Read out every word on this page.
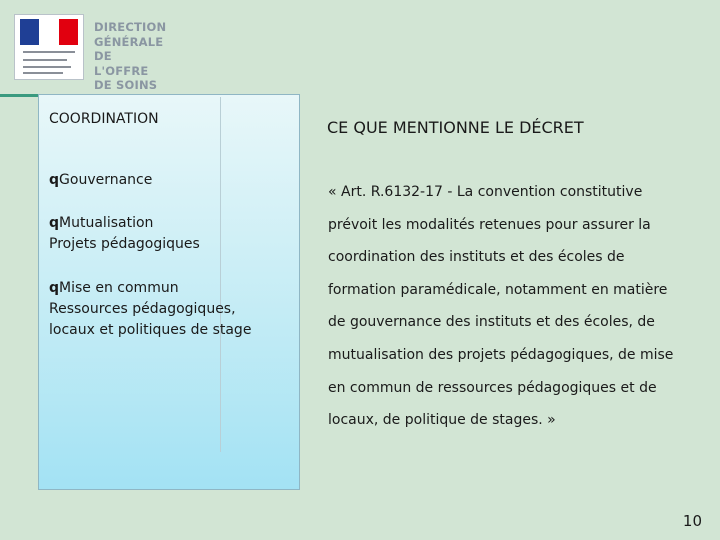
DIRECTION
GÉNÉRALE
DE L'OFFRE
DE SOINS
COORDINATION
qGouvernance
qMutualisation
Projets pédagogiques
qMise en commun
Ressources pédagogiques, locaux et politiques de stage
CE QUE MENTIONNE LE DÉCRET
« Art. R.6132-17 - La convention constitutive
prévoit les modalités retenues pour assurer la
coordination des instituts et des écoles de
formation paramédicale, notamment en matière
de gouvernance des instituts et des écoles, de
mutualisation des projets pédagogiques, de mise
en commun de ressources pédagogiques et de
locaux, de politique de stages. »
10
